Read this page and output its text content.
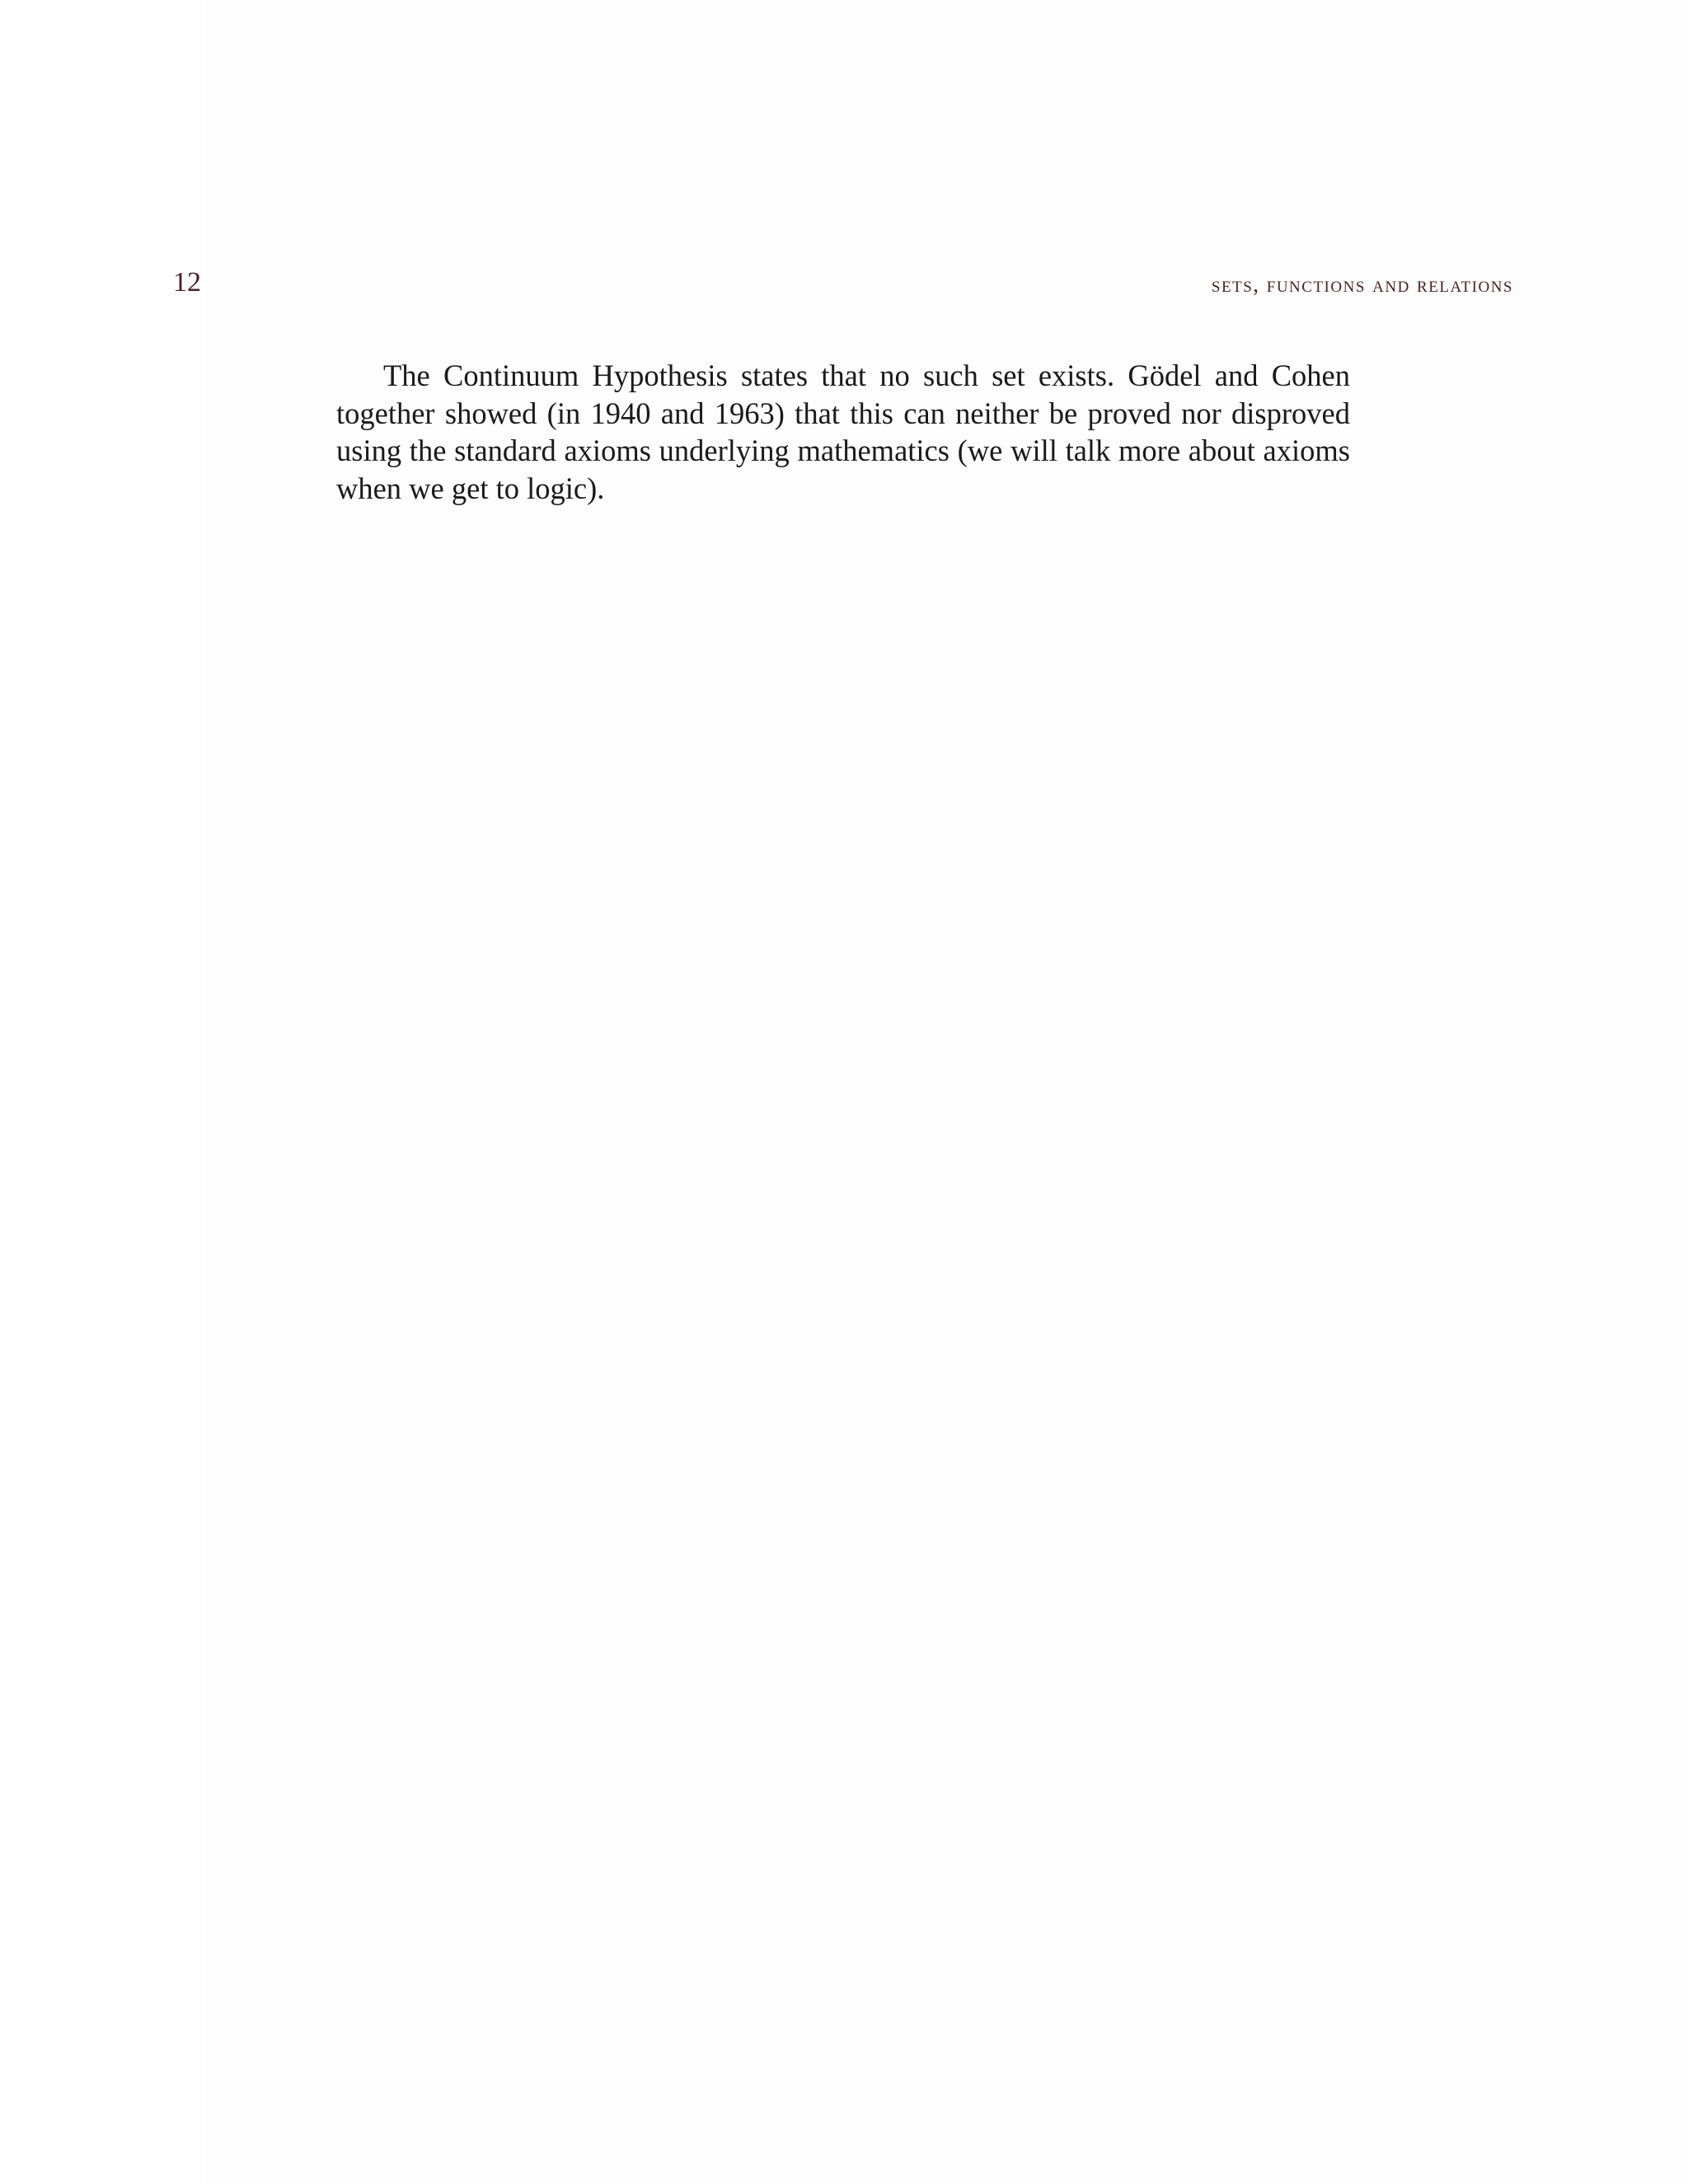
12	sets, functions and relations

The Continuum Hypothesis states that no such set exists. Gödel and Cohen together showed (in 1940 and 1963) that this can neither be proved nor disproved using the standard axioms underlying mathematics (we will talk more about axioms when we get to logic).
